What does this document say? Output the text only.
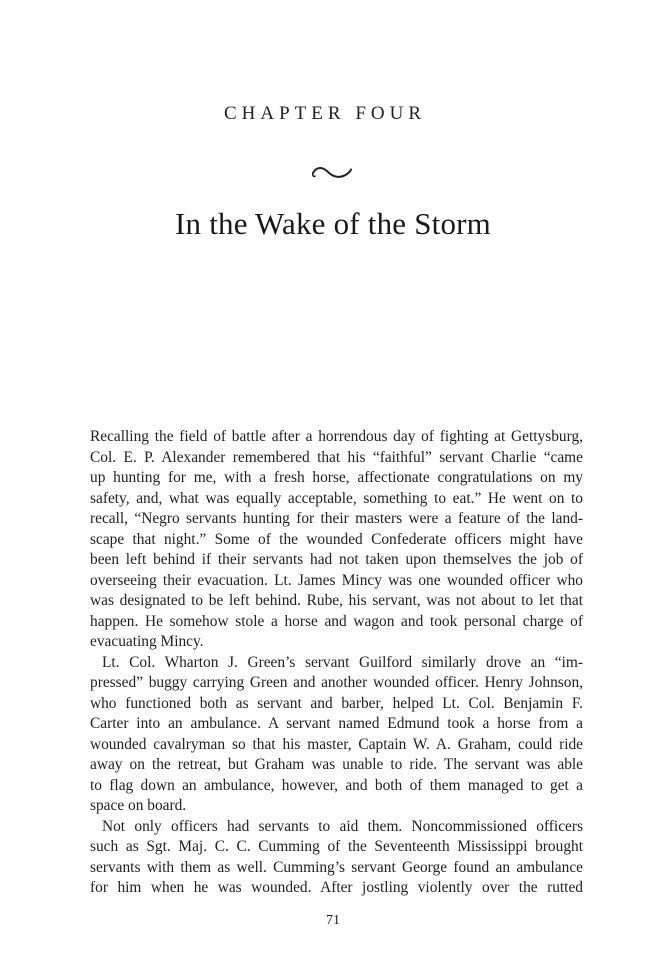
CHAPTER FOUR
In the Wake of the Storm
Recalling the field of battle after a horrendous day of fighting at Gettysburg,
Col. E. P. Alexander remembered that his “faithful” servant Charlie “came
up hunting for me, with a fresh horse, affectionate congratulations on my
safety, and, what was equally acceptable, something to eat.” He went on to
recall, “Negro servants hunting for their masters were a feature of the land-
scape that night.” Some of the wounded Confederate officers might have
been left behind if their servants had not taken upon themselves the job of
overseeing their evacuation. Lt. James Mincy was one wounded officer who
was designated to be left behind. Rube, his servant, was not about to let that
happen. He somehow stole a horse and wagon and took personal charge of
evacuating Mincy.
Lt. Col. Wharton J. Green’s servant Guilford similarly drove an “im-
pressed” buggy carrying Green and another wounded officer. Henry Johnson,
who functioned both as servant and barber, helped Lt. Col. Benjamin F.
Carter into an ambulance. A servant named Edmund took a horse from a
wounded cavalryman so that his master, Captain W. A. Graham, could ride
away on the retreat, but Graham was unable to ride. The servant was able
to flag down an ambulance, however, and both of them managed to get a
space on board.
Not only officers had servants to aid them. Noncommissioned officers
such as Sgt. Maj. C. C. Cumming of the Seventeenth Mississippi brought
servants with them as well. Cumming’s servant George found an ambulance
for him when he was wounded. After jostling violently over the rutted
71
